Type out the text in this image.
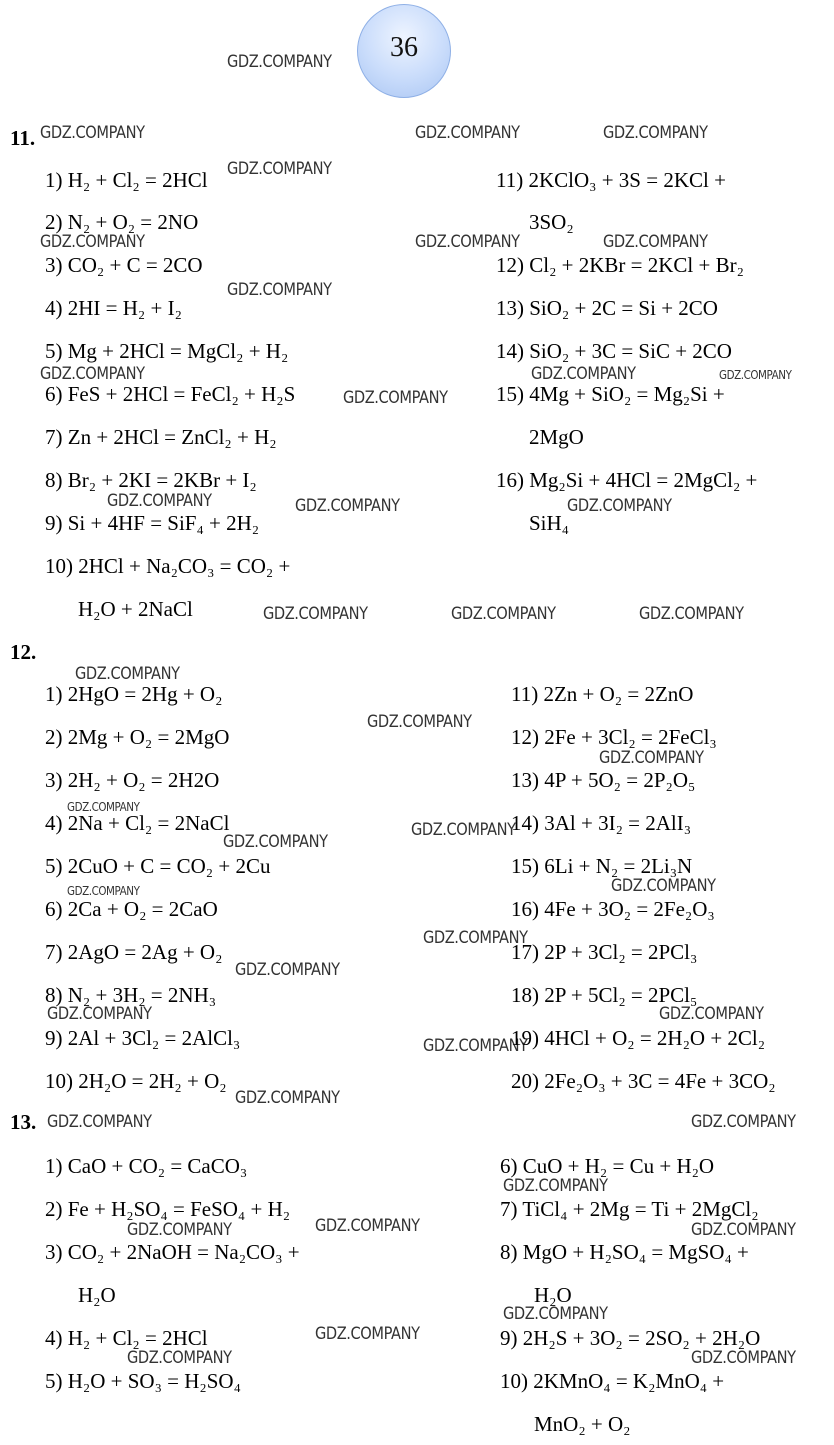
36
GDZ.COMPANY
GDZ.COMPANY	GDZ.COMPANY	GDZ.COMPANY
GDZ.COMPANY
GDZ.COMPANY	GDZ.COMPANY	GDZ.COMPANY
GDZ.COMPANY
GDZ.COMPANY	GDZ.COMPANY	GDZ.COMPANY
GDZ.COMPANY
GDZ.COMPANY	GDZ.COMPANY	GDZ.COMPANY
GDZ.COMPANY	GDZ.COMPANY	GDZ.COMPANY
GDZ.COMPANY
GDZ.COMPANY
GDZ.COMPANY
GDZ.COMPANY
GDZ.COMPANY
GDZ.COMPANY
GDZ.COMPANY	GDZ.COMPANY
GDZ.COMPANY
GDZ.COMPANY
GDZ.COMPANY	GDZ.COMPANY
GDZ.COMPANY
GDZ.COMPANY
GDZ.COMPANY	GDZ.COMPANY
GDZ.COMPANY
GDZ.COMPANY
GDZ.COMPANY	GDZ.COMPANY
GDZ.COMPANY
GDZ.COMPANY
GDZ.COMPANY	GDZ.COMPANY
11.
12.
13.
1) H₂ + Cl₂ = 2HCl
2) N₂ + O₂ = 2NO
3) CO₂ + C = 2CO
4) 2HI = H₂ + I₂
5) Mg + 2HCl = MgCl₂ + H₂
6) FeS + 2HCl = FeCl₂ + H₂S
7) Zn + 2HCl = ZnCl₂ + H₂
8) Br₂ + 2KI = 2KBr + I₂
9) Si + 4HF = SiF₄ + 2H₂
10) 2HCl + Na₂CO₃ = CO₂ +
H₂O + 2NaCl
11) 2KClO₃ + 3S = 2KCl +
3SO₂
12) Cl₂ + 2KBr = 2KCl + Br₂
13) SiO₂ + 2C = Si + 2CO
14) SiO₂ + 3C = SiC + 2CO
15) 4Mg + SiO₂ = Mg₂Si +
2MgO
16) Mg₂Si + 4HCl = 2MgCl₂ +
SiH₄
1) 2HgO = 2Hg + O₂
2) 2Mg + O₂ = 2MgO
3) 2H₂ + O₂ = 2H2O
4) 2Na + Cl₂ = 2NaCl
5) 2CuO + C = CO₂ + 2Cu
6) 2Ca + O₂ = 2CaO
7) 2AgO = 2Ag + O₂
8) N₂ + 3H₂ = 2NH₃
9) 2Al + 3Cl₂ = 2AlCl₃
10) 2H₂O = 2H₂ + O₂
11) 2Zn + O₂ = 2ZnO
12) 2Fe + 3Cl₂ = 2FeCl₃
13) 4P + 5O₂ = 2P₂O₅
14) 3Al + 3I₂ = 2AlI₃
15) 6Li + N₂ = 2Li₃N
16) 4Fe + 3O₂ = 2Fe₂O₃
17) 2P + 3Cl₂ = 2PCl₃
18) 2P + 5Cl₂ = 2PCl₅
19) 4HCl + O₂ = 2H₂O + 2Cl₂
20) 2Fe₂O₃ + 3C = 4Fe + 3CO₂
1) CaO + CO₂ = CaCO₃
2) Fe + H₂SO₄ = FeSO₄ + H₂
3) CO₂ + 2NaOH = Na₂CO₃ +
H₂O
4) H₂ + Cl₂ = 2HCl
5) H₂O + SO₃ = H₂SO₄
6) CuO + H₂ = Cu + H₂O
7) TiCl₄ + 2Mg = Ti + 2MgCl₂
8) MgO + H₂SO₄ = MgSO₄ +
H₂O
9) 2H₂S + 3O₂ = 2SO₂ + 2H₂O
10) 2KMnO₄ = K₂MnO₄ +
MnO₂ + O₂
